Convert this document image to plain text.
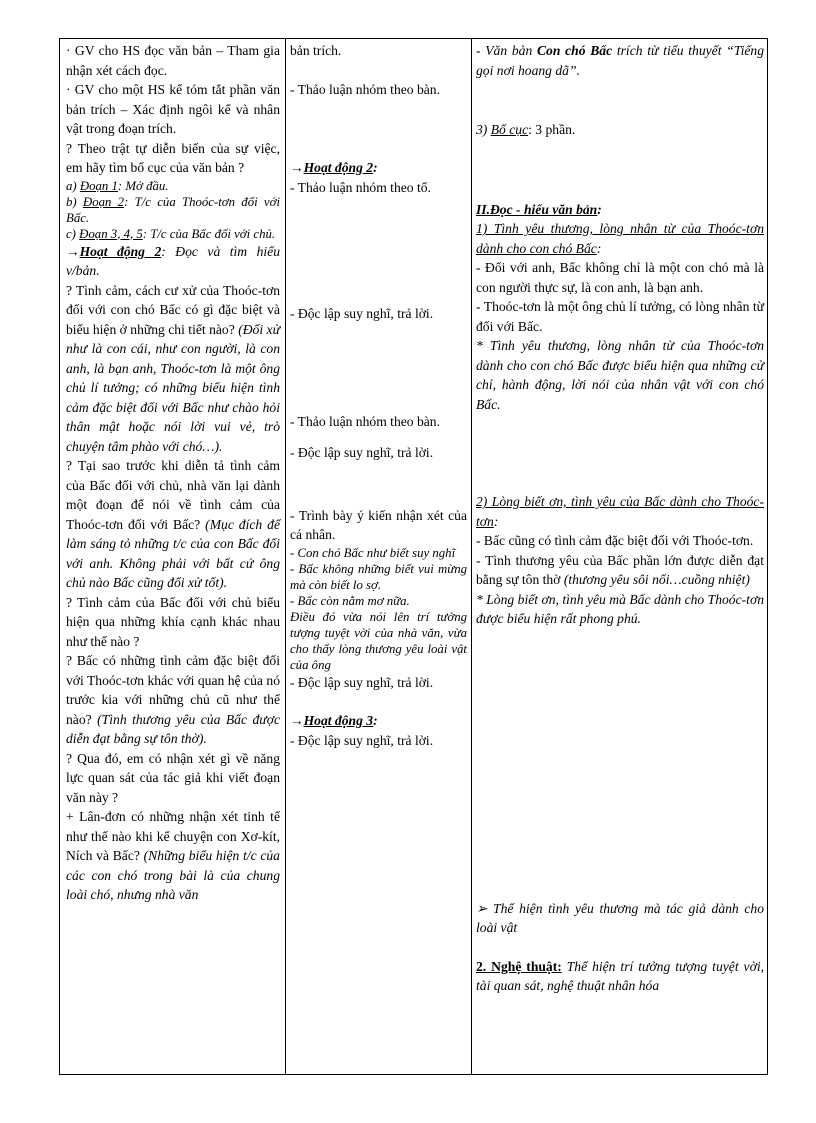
· GV cho HS đọc văn bản – Tham gia nhận xét cách đọc.

· GV cho một HS kể tóm tắt phần văn bản trích – Xác định ngôi kể và nhân vật trong đoạn trích.

? Theo trật tự diễn biến của sự việc, em hãy tìm bố cục của văn bản ?

a) Đoạn 1: Mở đầu.

b) Đoạn 2: T/c của Thoóc-tơn đối với Bấc.

c) Đoạn 3, 4, 5: T/c của Bấc đối với chủ.

→Hoạt động 2: Đọc và tìm hiểu v/bản.

? Tình cảm, cách cư xử của Thoóc-tơn đối với con chó Bấc có gì đặc biệt và biểu hiện ở những chi tiết nào? (Đối xử như là con cái, như con người, là con anh, là bạn anh, Thoóc-tơn là một ông chủ lí tưởng; có những biểu hiện tình cảm đặc biệt đối với Bấc như chào hỏi thân mật hoặc nói lời vui vẻ, trò chuyện tâm phào với chó…).

? Tại sao trước khi diễn tả tình cảm của Bấc đối với chủ, nhà văn lại dành một đoạn để nói về tình cảm của Thoóc-tơn đối với Bấc? (Mục đích để làm sáng tỏ những t/c của con Bấc đối với anh. Không phải với bất cứ ông chủ nào Bấc cũng đối xử tốt).

? Tình cảm của Bấc đối với chủ biểu hiện qua những khía cạnh khác nhau như thế nào ?

? Bấc có những tình cảm đặc biệt đối với Thoóc-tơn khác với quan hệ của nó trước kia với những chủ cũ như thế nào? (Tình thương yêu của Bấc được diễn đạt bằng sự tôn thờ).

? Qua đó, em có nhận xét gì về năng lực quan sát của tác giả khi viết đoạn văn này ?

+ Lân-đơn có những nhận xét tinh tế như thế nào khi kể chuyện con Xơ-kít, Ních và Bấc? (Những biểu hiện t/c của các con chó trong bài là của chung loài chó, nhưng nhà văn

bản trích.

- Thảo luận nhóm theo bàn.

→Hoạt động 2:

- Thảo luận nhóm theo tổ.

- Độc lập suy nghĩ, trả lời.

- Thảo luận nhóm theo bàn.

- Độc lập suy nghĩ, trả lời.

- Trình bày ý kiến nhận xét của cá nhân.

- Con chó Bấc như biết suy nghĩ

- Bấc không những biết vui mừng mà còn biết lo sợ.

- Bấc còn nằm mơ nữa.

Điều đó vừa nói lên trí tưởng tượng tuyệt vời của nhà văn, vừa cho thấy lòng thương yêu loài vật của ông

- Độc lập suy nghĩ, trả lời.

→Hoạt động 3:

- Độc lập suy nghĩ, trả lời.

- Văn bản Con chó Bấc trích từ tiểu thuyết “Tiếng gọi nơi hoang dã”.

3) Bố cục: 3 phần.

II.Đọc - hiểu văn bản:

1) Tình yêu thương, lòng nhân từ của Thoóc-tơn dành cho con chó Bấc:

- Đối với anh, Bấc không chỉ là một con chó mà là con người thực sự, là con anh, là bạn anh.

- Thoóc-tơn là một ông chủ lí tưởng, có lòng nhân từ đối với Bấc.

* Tình yêu thương, lòng nhân từ của Thoóc-tơn dành cho con chó Bấc được biểu hiện qua những cử chỉ, hành động, lời nói của nhân vật với con chó Bấc.

2) Lòng biết ơn, tình yêu của Bấc dành cho Thoóc-tơn:

- Bấc cũng có tình cảm đặc biệt đối với Thoóc-tơn.

- Tình thương yêu của Bấc phần lớn được diễn đạt bằng sự tôn thờ (thương yêu sôi nổi…cuồng nhiệt)

* Lòng biết ơn, tình yêu mà Bấc dành cho Thoóc-tơn được biểu hiện rất phong phú.

➢ Thể hiện tình yêu thương mà tác giả dành cho loài vật

2. Nghệ thuật: Thể hiện trí tưởng tượng tuyệt vời, tài quan sát, nghệ thuật nhân hóa
